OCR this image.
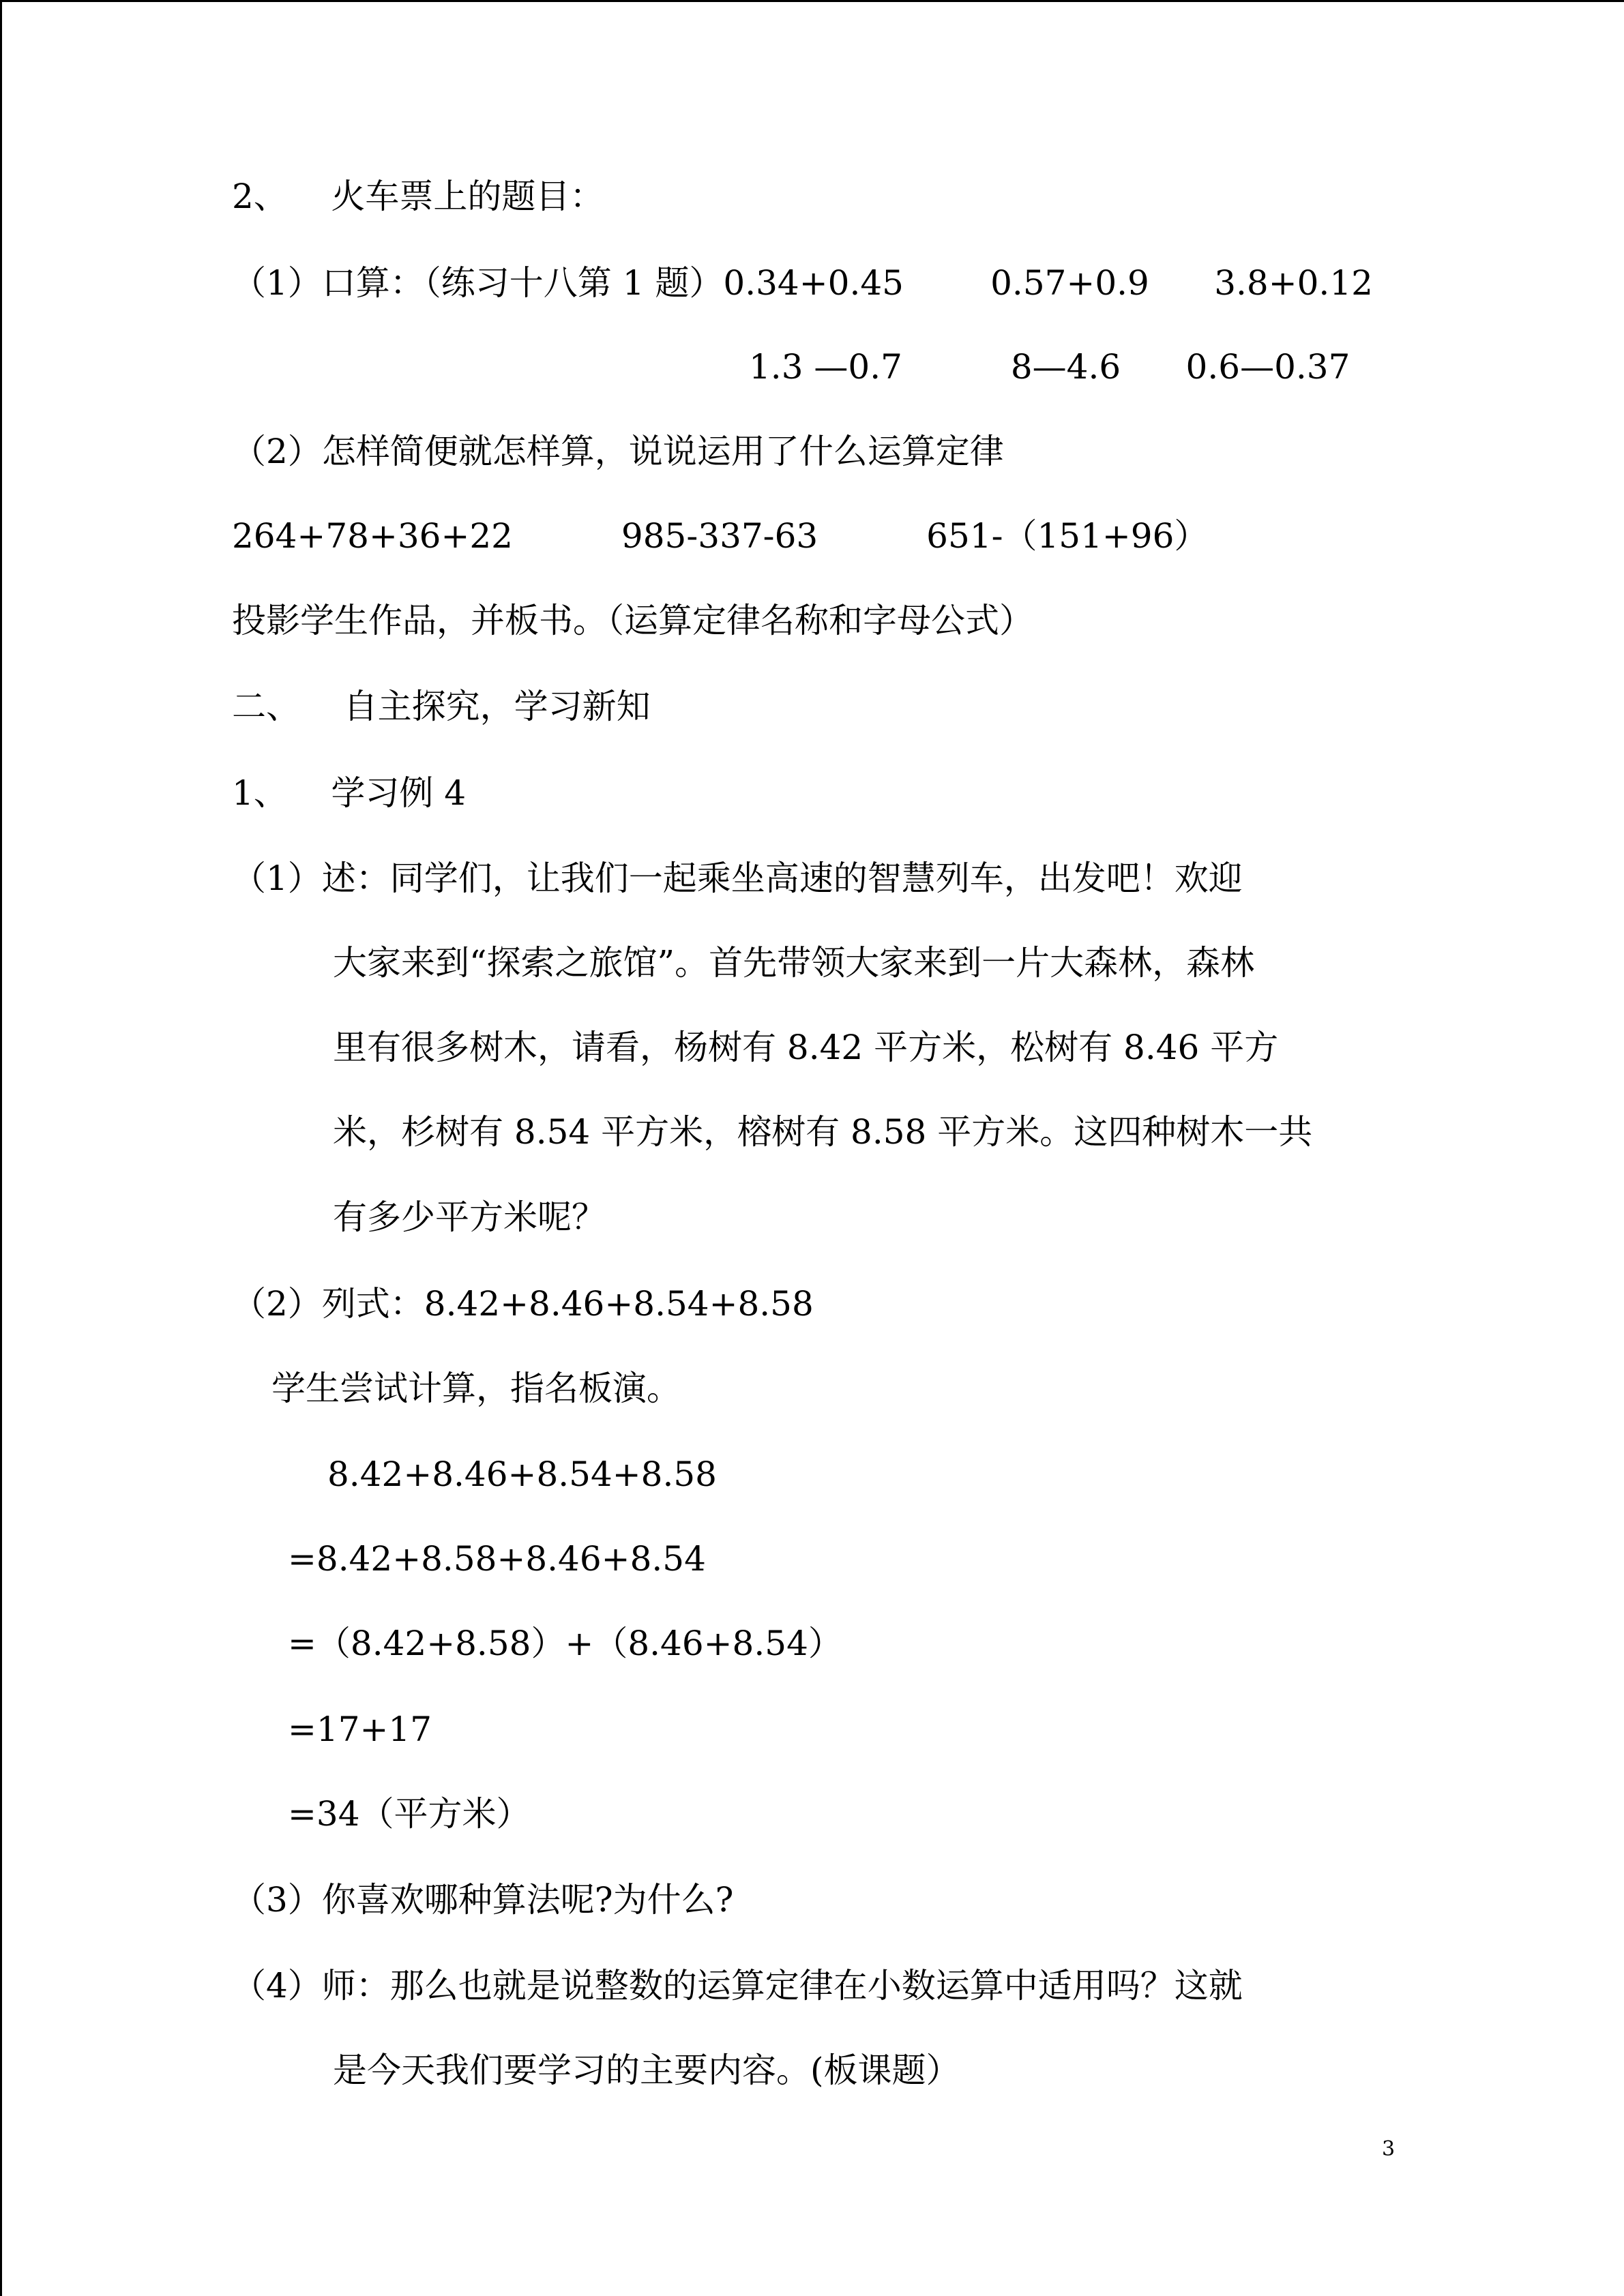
2、    火车票上的题目：

（1）口算：（练习十八第 1 题）0.34+0.45        0.57+0.9      3.8+0.12

1.3 —0.7          8—4.6      0.6—0.37

（2）怎样简便就怎样算，说说运用了什么运算定律

264+78+36+22          985-337-63          651-（151+96）

投影学生作品，并板书。（运算定律名称和字母公式）

二、    自主探究，学习新知

1、    学习例 4

（1）述：同学们，让我们一起乘坐高速的智慧列车，出发吧！欢迎

大家来到“探索之旅馆”。首先带领大家来到一片大森林，森林

里有很多树木，请看，杨树有 8.42 平方米，松树有 8.46 平方

米，杉树有 8.54 平方米，榕树有 8.58 平方米。这四种树木一共

有多少平方米呢？

（2）列式：8.42+8.46+8.54+8.58

学生尝试计算，指名板演。

8.42+8.46+8.54+8.58

=8.42+8.58+8.46+8.54

=（8.42+8.58）+（8.46+8.54）

=17+17

=34（平方米）

（3）你喜欢哪种算法呢?为什么?

（4）师：那么也就是说整数的运算定律在小数运算中适用吗？这就

是今天我们要学习的主要内容。(板课题）

3
